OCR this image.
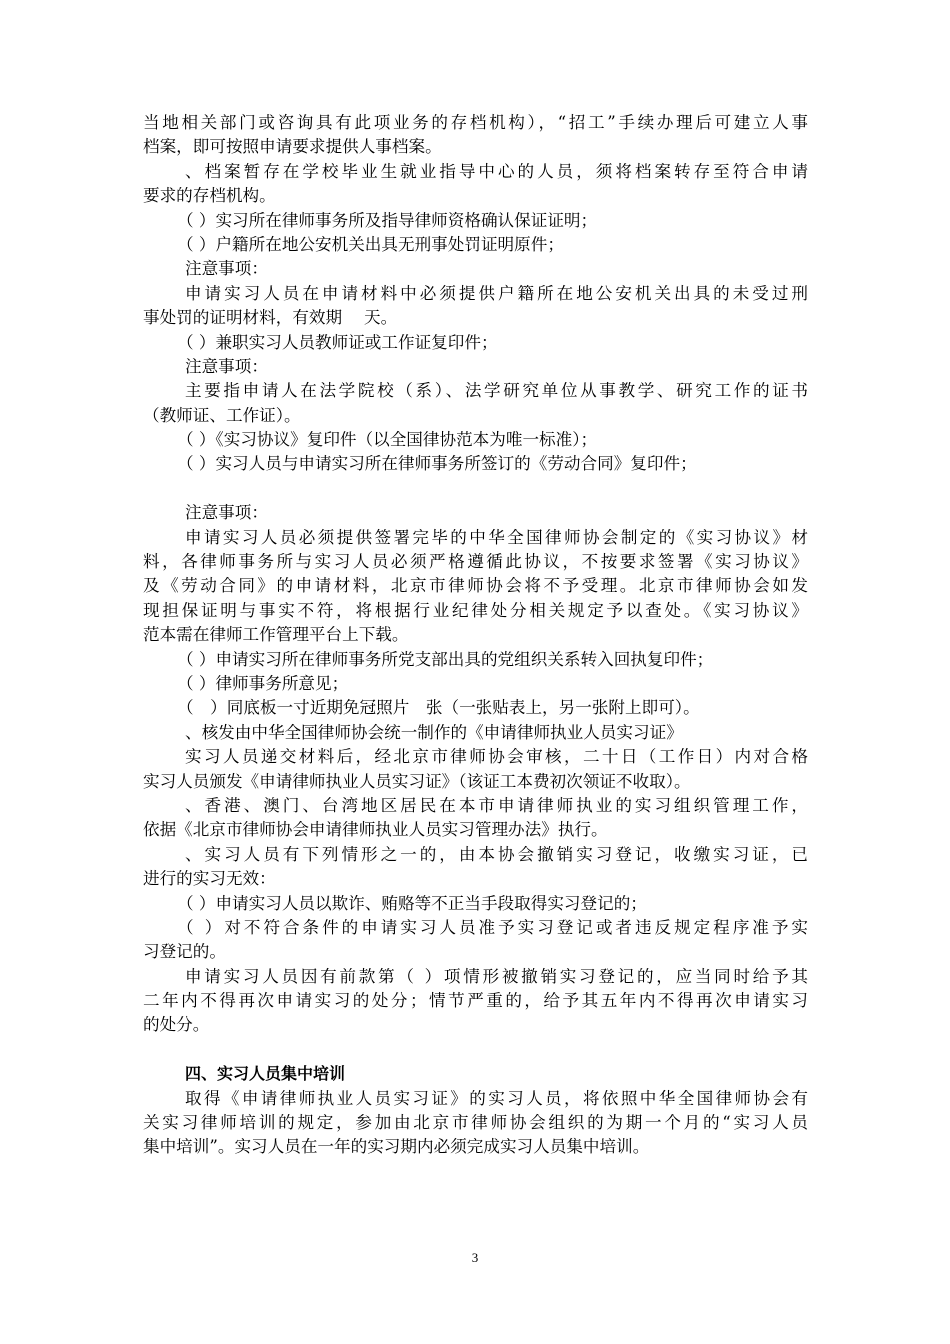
当地相关部门或咨询具有此项业务的存档机构），“招工”手续办理后可建立人事
档案，即可按照申请要求提供人事档案。
、档案暂存在学校毕业生就业指导中心的人员，须将档案转存至符合申请
要求的存档机构。
（ ）实习所在律师事务所及指导律师资格确认保证证明；
（ ）户籍所在地公安机关出具无刑事处罚证明原件；
注意事项：
申请实习人员在申请材料中必须提供户籍所在地公安机关出具的未受过刑
事处罚的证明材料，有效期　 天。
（ ）兼职实习人员教师证或工作证复印件；
注意事项：
主要指申请人在法学院校（系）、法学研究单位从事教学、研究工作的证书
（教师证、工作证）。
（ ）《实习协议》复印件（以全国律协范本为唯一标准）；
（ ）实习人员与申请实习所在律师事务所签订的《劳动合同》复印件；
注意事项：
申请实习人员必须提供签署完毕的中华全国律师协会制定的《实习协议》材
料，各律师事务所与实习人员必须严格遵循此协议，不按要求签署《实习协议》
及《劳动合同》的申请材料，北京市律师协会将不予受理。北京市律师协会如发
现担保证明与事实不符，将根据行业纪律处分相关规定予以查处。《实习协议》
范本需在律师工作管理平台上下载。
（ ）申请实习所在律师事务所党支部出具的党组织关系转入回执复印件；
（ ）律师事务所意见；
（　）同底板一寸近期免冠照片　张（一张贴表上，另一张附上即可）。
、核发由中华全国律师协会统一制作的《申请律师执业人员实习证》
实习人员递交材料后，经北京市律师协会审核，二十日（工作日）内对合格
实习人员颁发《申请律师执业人员实习证》（该证工本费初次领证不收取）。
、香港、澳门、台湾地区居民在本市申请律师执业的实习组织管理工作，
依据《北京市律师协会申请律师执业人员实习管理办法》执行。
、实习人员有下列情形之一的，由本协会撤销实习登记，收缴实习证，已
进行的实习无效：
（ ）申请实习人员以欺诈、贿赂等不正当手段取得实习登记的；
（ ）对不符合条件的申请实习人员准予实习登记或者违反规定程序准予实
习登记的。
申请实习人员因有前款第（ ）项情形被撤销实习登记的，应当同时给予其
二年内不得再次申请实习的处分；情节严重的，给予其五年内不得再次申请实习
的处分。
四、实习人员集中培训
取得《申请律师执业人员实习证》的实习人员，将依照中华全国律师协会有
关实习律师培训的规定，参加由北京市律师协会组织的为期一个月的“实习人员
集中培训”。实习人员在一年的实习期内必须完成实习人员集中培训。
3
